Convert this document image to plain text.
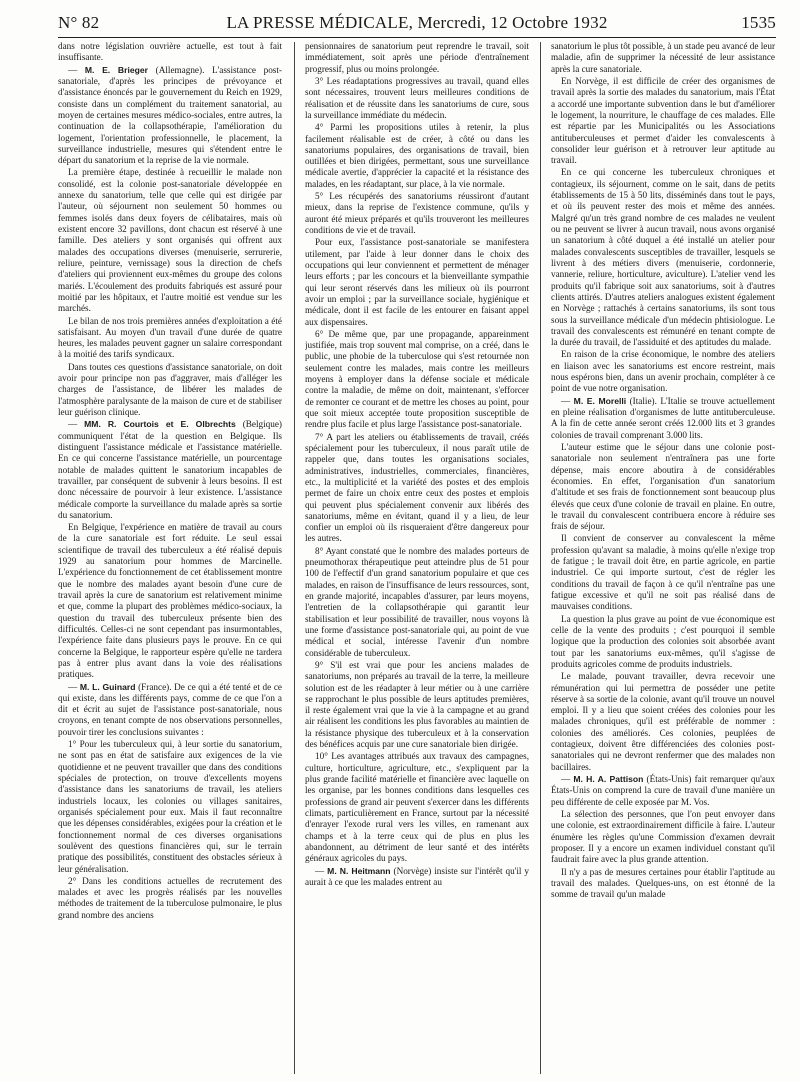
N° 82	LA PRESSE MÉDICALE, Mercredi, 12 Octobre 1932	1535

dans notre législation ouvrière actuelle, est tout à fait insuffisante.

— M. E. Brieger (Allemagne). L'assistance post-sanatoriale, d'après les principes de prévoyance et d'assistance énoncés par le gouvernement du Reich en 1929, consiste dans un complément du traitement sanatorial, au moyen de certaines mesures médico-sociales, entre autres, la continuation de la collapsothérapie, l'amélioration du logement, l'orientation professionnelle, le placement, la surveillance industrielle, mesures qui s'étendent entre le départ du sanatorium et la reprise de la vie normale.

La première étape, destinée à recueillir le malade non consolidé, est la colonie post-sanatoriale développée en annexe du sanatorium, telle que celle qui est dirigée par l'auteur, où séjournent non seulement 50 hommes ou femmes isolés dans deux foyers de célibataires, mais où existent encore 32 pavillons, dont chacun est réservé à une famille. Des ateliers y sont organisés qui offrent aux malades des occupations diverses (menuiserie, serrurerie, reliure, peinture, vernissage) sous la direction de chefs d'ateliers qui proviennent eux-mêmes du groupe des colons mariés. L'écoulement des produits fabriqués est assuré pour moitié par les hôpitaux, et l'autre moitié est vendue sur les marchés.

Le bilan de nos trois premières années d'exploitation a été satisfaisant. Au moyen d'un travail d'une durée de quatre heures, les malades peuvent gagner un salaire correspondant à la moitié des tarifs syndicaux.

Dans toutes ces questions d'assistance sanatoriale, on doit avoir pour principe non pas d'aggraver, mais d'alléger les charges de l'assistance, de libérer les malades de l'atmosphère paralysante de la maison de cure et de stabiliser leur guérison clinique.

— MM. R. Courtois et E. Olbrechts (Belgique) communiquent l'état de la question en Belgique. Ils distinguent l'assistance médicale et l'assistance matérielle. En ce qui concerne l'assistance matérielle, un pourcentage notable de malades quittent le sanatorium incapables de travailler, par conséquent de subvenir à leurs besoins. Il est donc nécessaire de pourvoir à leur existence. L'assistance médicale comporte la surveillance du malade après sa sortie du sanatorium.

En Belgique, l'expérience en matière de travail au cours de la cure sanatoriale est fort réduite. Le seul essai scientifique de travail des tuberculeux a été réalisé depuis 1929 au sanatorium pour hommes de Marcinelle. L'expérience du fonctionnement de cet établissement montre que le nombre des malades ayant besoin d'une cure de travail après la cure de sanatorium est relativement minime et que, comme la plupart des problèmes médico-sociaux, la question du travail des tuberculeux présente bien des difficultés. Celles-ci ne sont cependant pas insurmontables, l'expérience faite dans plusieurs pays le prouve. En ce qui concerne la Belgique, le rapporteur espère qu'elle ne tardera pas à entrer plus avant dans la voie des réalisations pratiques.

— M. L. Guinard (France). De ce qui a été tenté et de ce qui existe, dans les différents pays, comme de ce que l'on a dit et écrit au sujet de l'assistance post-sanatoriale, nous croyons, en tenant compte de nos observations personnelles, pouvoir tirer les conclusions suivantes :

1° Pour les tuberculeux qui, à leur sortie du sanatorium, ne sont pas en état de satisfaire aux exigences de la vie quotidienne et ne peuvent travailler que dans des conditions spéciales de protection, on trouve d'excellents moyens d'assistance dans les sanatoriums de travail, les ateliers industriels locaux, les colonies ou villages sanitaires, organisés spécialement pour eux. Mais il faut reconnaître que les dépenses considérables, exigées pour la création et le fonctionnement normal de ces diverses organisations soulèvent des questions financières qui, sur le terrain pratique des possibilités, constituent des obstacles sérieux à leur généralisation.

2° Dans les conditions actuelles de recrutement des malades et avec les progrès réalisés par les nouvelles méthodes de traitement de la tuberculose pulmonaire, le plus grand nombre des anciens

pensionnaires de sanatorium peut reprendre le travail, soit immédiatement, soit après une période d'entraînement progressif, plus ou moins prolongée.

3° Les réadaptations progressives au travail, quand elles sont nécessaires, trouvent leurs meilleures conditions de réalisation et de réussite dans les sanatoriums de cure, sous la surveillance immédiate du médecin.

4° Parmi les propositions utiles à retenir, la plus facilement réalisable est de créer, à côté ou dans les sanatoriums populaires, des organisations de travail, bien outillées et bien dirigées, permettant, sous une surveillance médicale avertie, d'apprécier la capacité et la résistance des malades, en les réadaptant, sur place, à la vie normale.

5° Les récupérés des sanatoriums réussiront d'autant mieux, dans la reprise de l'existence commune, qu'ils y auront été mieux préparés et qu'ils trouveront les meilleures conditions de vie et de travail.

Pour eux, l'assistance post-sanatoriale se manifestera utilement, par l'aide à leur donner dans le choix des occupations qui leur conviennent et permettent de ménager leurs efforts ; par les concours et la bienveillante sympathie qui leur seront réservés dans les milieux où ils pourront avoir un emploi ; par la surveillance sociale, hygiénique et médicale, dont il est facile de les entourer en faisant appel aux dispensaires.

6° De même que, par une propagande, appareinment justifiée, mais trop souvent mal comprise, on a créé, dans le public, une phobie de la tuberculose qui s'est retournée non seulement contre les malades, mais contre les meilleurs moyens à employer dans la défense sociale et médicale contre la maladie, de même on doit, maintenant, s'efforcer de remonter ce courant et de mettre les choses au point, pour que soit mieux acceptée toute proposition susceptible de rendre plus facile et plus large l'assistance post-sanatoriale.

7° A part les ateliers ou établissements de travail, créés spécialement pour les tuberculeux, il nous paraît utile de rappeler que, dans toutes les organisations sociales, administratives, industrielles, commerciales, financières, etc., la multiplicité et la variété des postes et des emplois permet de faire un choix entre ceux des postes et emplois qui peuvent plus spécialement convenir aux libérés des sanatoriums, même en évitant, quand il y a lieu, de leur confier un emploi où ils risqueraient d'être dangereux pour les autres.

8° Ayant constaté que le nombre des malades porteurs de pneumothorax thérapeutique peut atteindre plus de 51 pour 100 de l'effectif d'un grand sanatorium populaire et que ces malades, en raison de l'insuffisance de leurs ressources, sont, en grande majorité, incapables d'assurer, par leurs moyens, l'entretien de la collapsothérapie qui garantit leur stabilisation et leur possibilité de travailler, nous voyons là une forme d'assistance post-sanatoriale qui, au point de vue médical et social, intéresse l'avenir d'un nombre considérable de tuberculeux.

9° S'il est vrai que pour les anciens malades de sanatoriums, non préparés au travail de la terre, la meilleure solution est de les réadapter à leur métier ou à une carrière se rapprochant le plus possible de leurs aptitudes premières, il reste également vrai que la vie à la campagne et au grand air réalisent les conditions les plus favorables au maintien de la résistance physique des tuberculeux et à la conservation des bénéfices acquis par une cure sanatoriale bien dirigée.

10° Les avantages attribués aux travaux des campagnes, culture, horticulture, agriculture, etc., s'expliquent par la plus grande facilité matérielle et financière avec laquelle on les organise, par les bonnes conditions dans lesquelles ces professions de grand air peuvent s'exercer dans les différents climats, particulièrement en France, surtout par la nécessité d'enrayer l'exode rural vers les villes, en ramenant aux champs et à la terre ceux qui de plus en plus les abandonnent, au détriment de leur santé et des intérêts généraux agricoles du pays.

— M. N. Heitmann (Norvège) insiste sur l'intérêt qu'il y aurait à ce que les malades entrent au

sanatorium le plus tôt possible, à un stade peu avancé de leur maladie, afin de supprimer la nécessité de leur assistance après la cure sanatoriale.

En Norvège, il est difficile de créer des organismes de travail après la sortie des malades du sanatorium, mais l'État a accordé une importante subvention dans le but d'améliorer le logement, la nourriture, le chauffage de ces malades. Elle est répartie par les Municipalités ou les Associations antituberculeuses et permet d'aider les convalescents à consolider leur guérison et à retrouver leur aptitude au travail.

En ce qui concerne les tuberculeux chroniques et contagieux, ils séjournent, comme on le sait, dans de petits établissements de 15 à 50 lits, disséminés dans tout le pays, et où ils peuvent rester des mois et même des années. Malgré qu'un très grand nombre de ces malades ne veulent ou ne peuvent se livrer à aucun travail, nous avons organisé un sanatorium à côté duquel a été installé un atelier pour malades convalescents susceptibles de travailler, lesquels se livrent à des métiers divers (menuiserie, cordonnerie, vannerie, reliure, horticulture, aviculture). L'atelier vend les produits qu'il fabrique soit aux sanatoriums, soit à d'autres clients attirés. D'autres ateliers analogues existent également en Norvège ; rattachés à certains sanatoriums, ils sont tous sous la surveillance médicale d'un médecin phtisiologue. Le travail des convalescents est rémunéré en tenant compte de la durée du travail, de l'assiduité et des aptitudes du malade.

En raison de la crise économique, le nombre des ateliers en liaison avec les sanatoriums est encore restreint, mais nous espérons bien, dans un avenir prochain, compléter à ce point de vue notre organisation.

— M. E. Morelli (Italie). L'Italie se trouve actuellement en pleine réalisation d'organismes de lutte antituberculeuse. A la fin de cette année seront créés 12.000 lits et 3 grandes colonies de travail comprenant 3.000 lits.

L'auteur estime que le séjour dans une colonie post-sanatoriale non seulement n'entraînera pas une forte dépense, mais encore aboutira à de considérables économies. En effet, l'organisation d'un sanatorium d'altitude et ses frais de fonctionnement sont beaucoup plus élevés que ceux d'une colonie de travail en plaine. En outre, le travail du convalescent contribuera encore à réduire ses frais de séjour.

Il convient de conserver au convalescent la même profession qu'avant sa maladie, à moins qu'elle n'exige trop de fatigue ; le travail doit être, en partie agricole, en partie industriel. Ce qui importe surtout, c'est de régler les conditions du travail de façon à ce qu'il n'entraîne pas une fatigue excessive et qu'il ne soit pas réalisé dans de mauvaises conditions.

La question la plus grave au point de vue économique est celle de la vente des produits ; c'est pourquoi il semble logique que la production des colonies soit absorbée avant tout par les sanatoriums eux-mêmes, qu'il s'agisse de produits agricoles comme de produits industriels.

Le malade, pouvant travailler, devra recevoir une rémunération qui lui permettra de posséder une petite réserve à sa sortie de la colonie, avant qu'il trouve un nouvel emploi. Il y a lieu que soient créées des colonies pour les malades chroniques, qu'il est préférable de nommer : colonies des améliorés. Ces colonies, peuplées de contagieux, doivent être différenciées des colonies post-sanatoriales qui ne devront renfermer que des malades non bacillaires.

— M. H. A. Pattison (États-Unis) fait remarquer qu'aux États-Unis on comprend la cure de travail d'une manière un peu différente de celle exposée par M. Vos.

La sélection des personnes, que l'on peut envoyer dans une colonie, est extraordinairement difficile à faire. L'auteur énumère les règles qu'une Commission d'examen devrait proposer. Il y a encore un examen individuel constant qu'il faudrait faire avec la plus grande attention.

Il n'y a pas de mesures certaines pour établir l'aptitude au travail des malades. Quelques-uns, on est étonné de la somme de travail qu'un malade
